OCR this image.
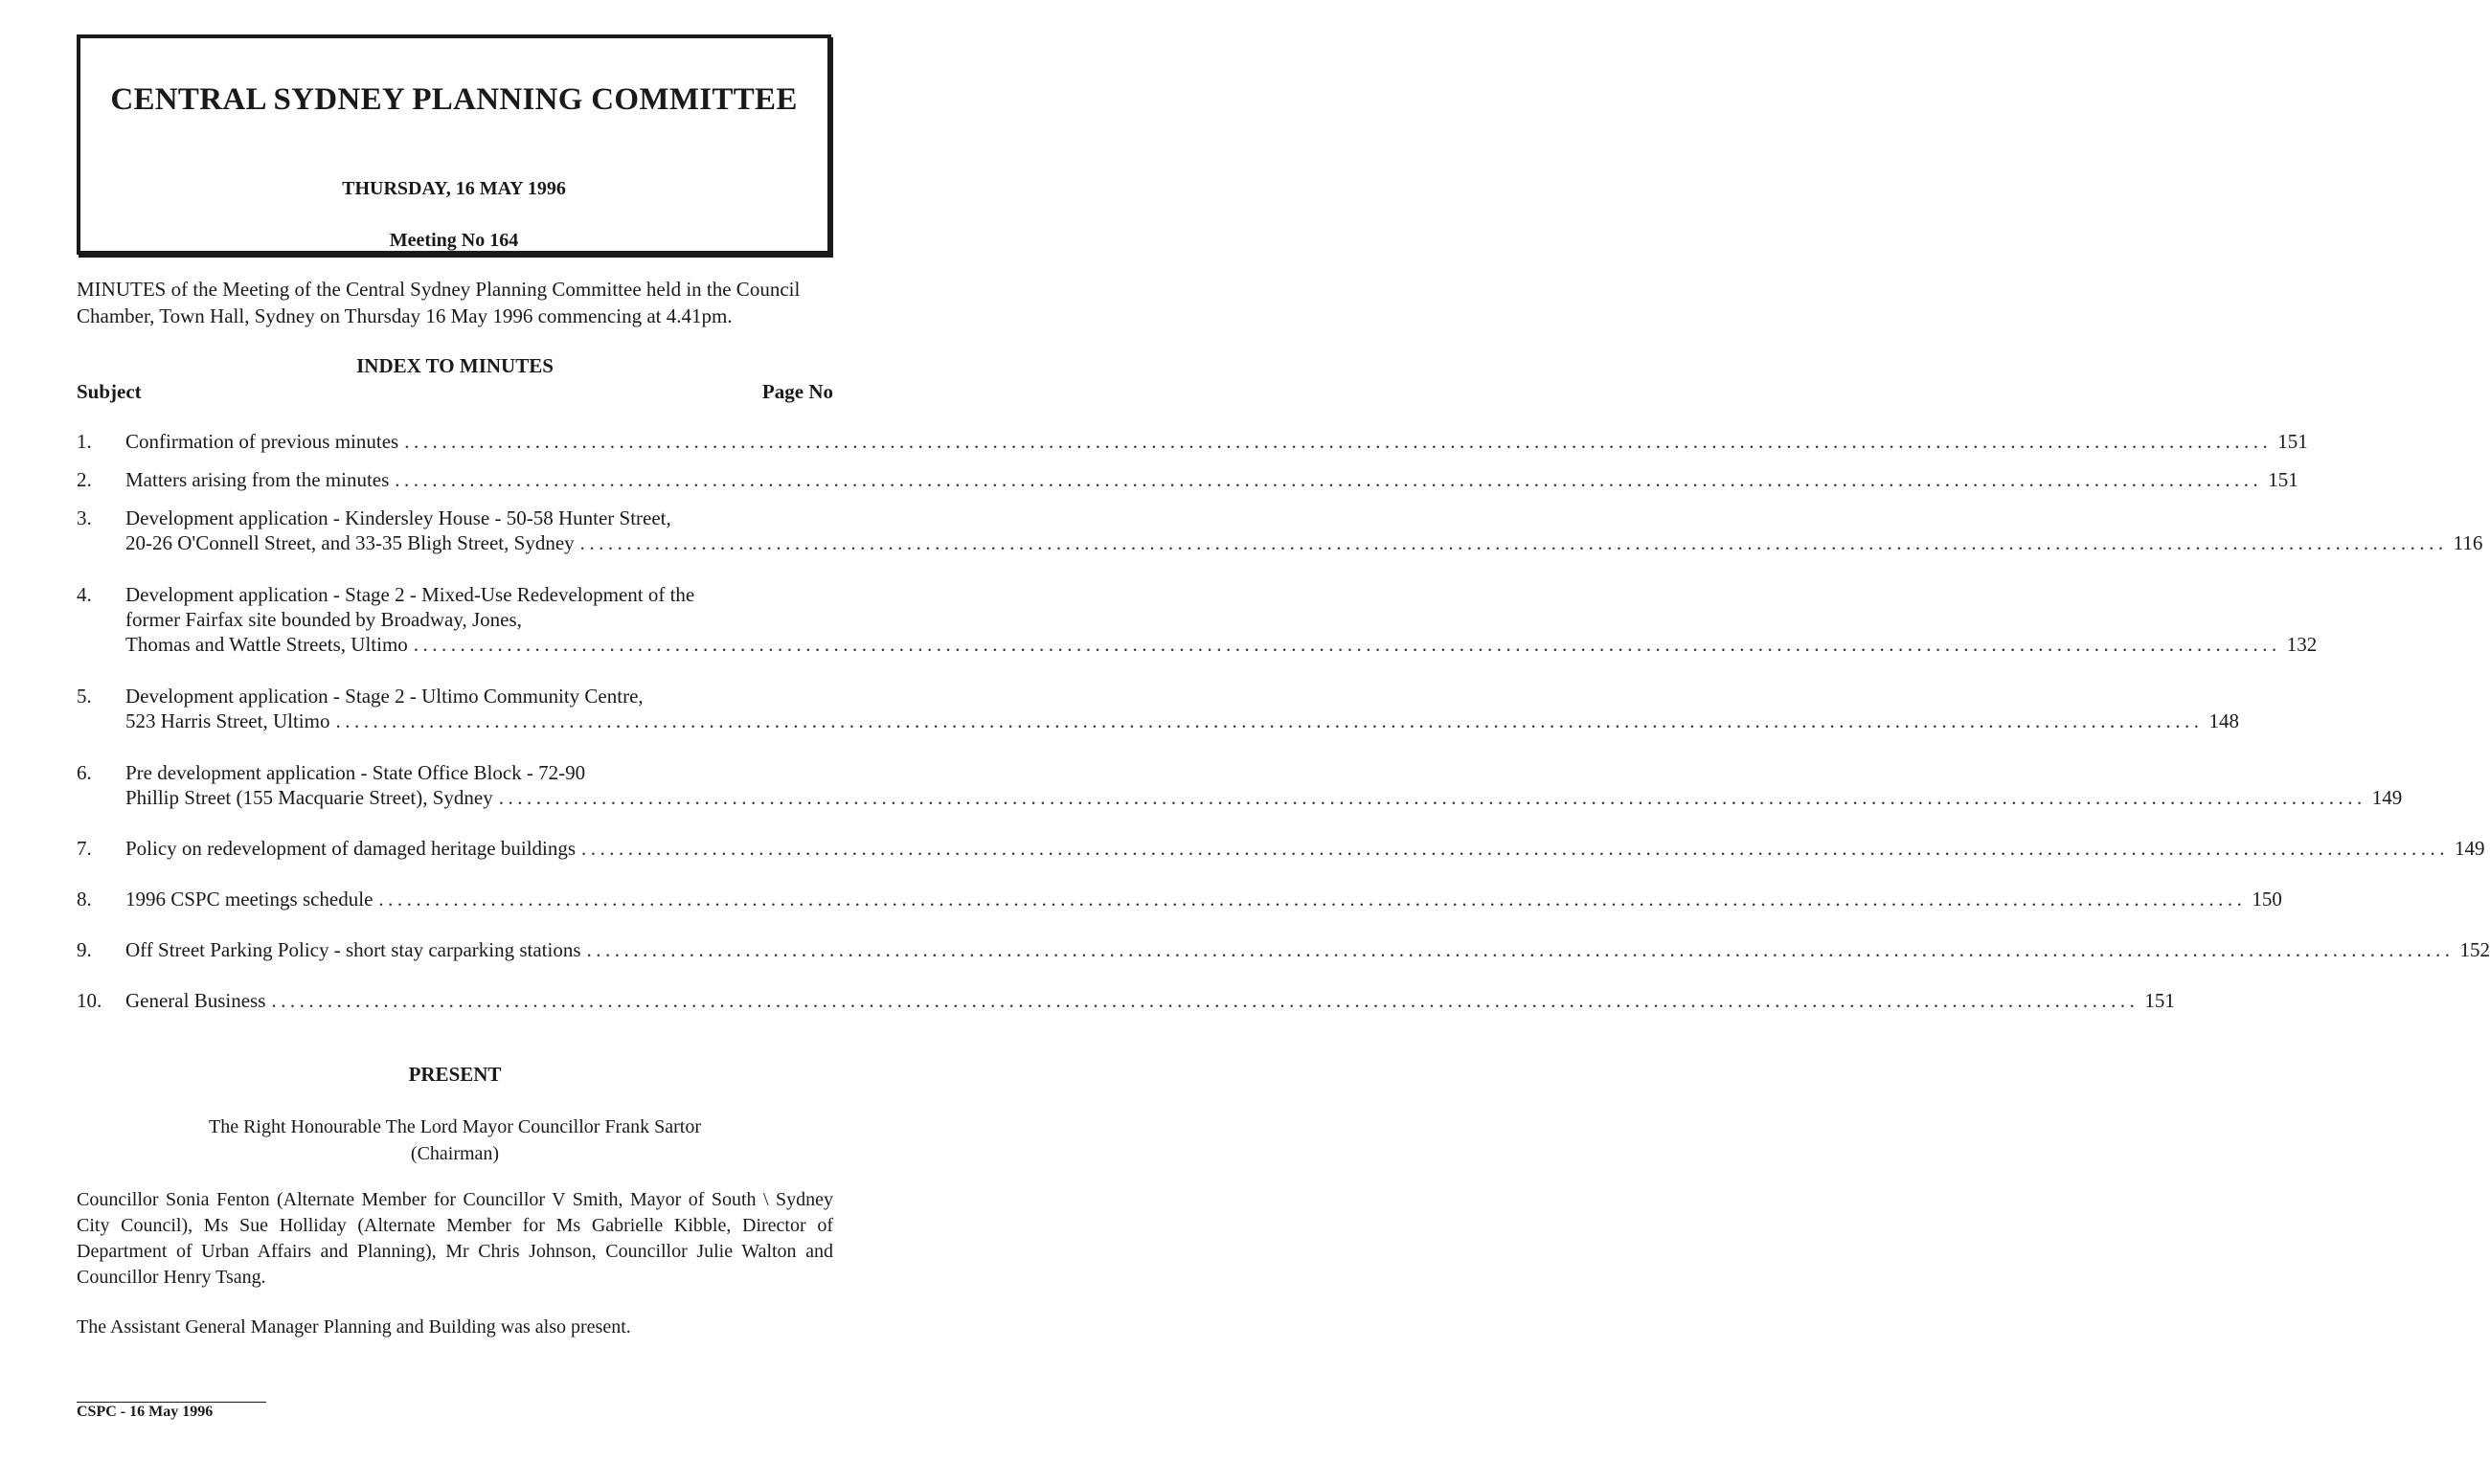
CENTRAL SYDNEY PLANNING COMMITTEE
THURSDAY, 16 MAY 1996
Meeting No 164

MINUTES of the Meeting of the Central Sydney Planning Committee held in the Council Chamber, Town Hall, Sydney on Thursday 16 May 1996 commencing at 4.41pm.

INDEX TO MINUTES
Subject	Page No
1.	Confirmation of previous minutes ........................................................................................................................................................................................................ 151
2.	Matters arising from the minutes ........................................................................................................................................................................................................ 151
3.	Development application - Kindersley House - 50-58 Hunter Street,
20-26 O'Connell Street, and 33-35 Bligh Street, Sydney ........................................................................................................................................................................................................ 116
4.	Development application - Stage 2 - Mixed-Use Redevelopment of the
former Fairfax site bounded by Broadway, Jones,
Thomas and Wattle Streets, Ultimo ........................................................................................................................................................................................................ 132
5.	Development application - Stage 2 - Ultimo Community Centre,
523 Harris Street, Ultimo ........................................................................................................................................................................................................ 148
6.	Pre development application - State Office Block - 72-90
Phillip Street (155 Macquarie Street), Sydney ........................................................................................................................................................................................................ 149
7.	Policy on redevelopment of damaged heritage buildings ........................................................................................................................................................................................................ 149
8.	1996 CSPC meetings schedule ........................................................................................................................................................................................................ 150
9.	Off Street Parking Policy - short stay carparking stations ........................................................................................................................................................................................................ 152
10.	General Business ........................................................................................................................................................................................................ 151
PRESENT
The Right Honourable The Lord Mayor Councillor Frank Sartor
(Chairman)

Councillor Sonia Fenton (Alternate Member for Councillor V Smith, Mayor of South \ Sydney City Council), Ms Sue Holliday (Alternate Member for Ms Gabrielle Kibble, Director of Department of Urban Affairs and Planning), Mr Chris Johnson, Councillor Julie Walton and Councillor Henry Tsang.

The Assistant General Manager Planning and Building was also present.

CSPC - 16 May 1996
